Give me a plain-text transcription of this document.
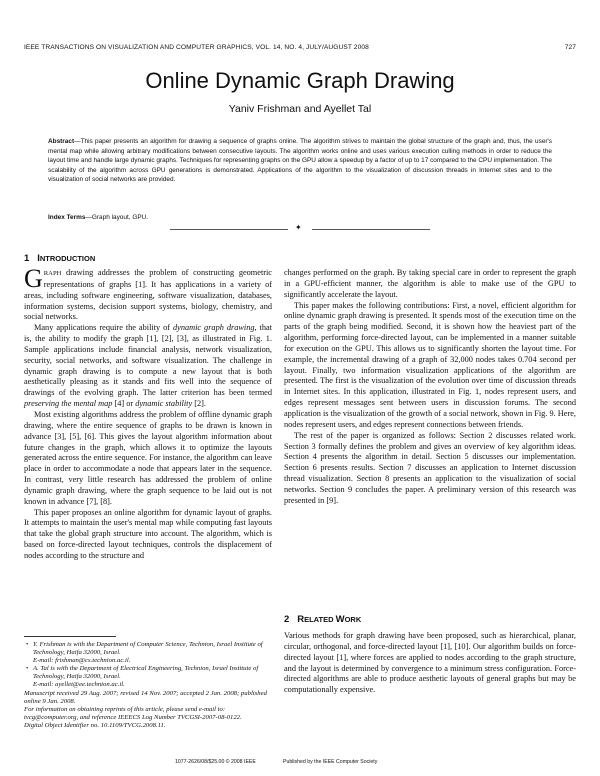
IEEE TRANSACTIONS ON VISUALIZATION AND COMPUTER GRAPHICS, VOL. 14, NO. 4, JULY/AUGUST 2008	727
Online Dynamic Graph Drawing
Yaniv Frishman and Ayellet Tal
Abstract—This paper presents an algorithm for drawing a sequence of graphs online. The algorithm strives to maintain the global structure of the graph and, thus, the user's mental map while allowing arbitrary modifications between consecutive layouts. The algorithm works online and uses various execution culling methods in order to reduce the layout time and handle large dynamic graphs. Techniques for representing graphs on the GPU allow a speedup by a factor of up to 17 compared to the CPU implementation. The scalability of the algorithm across GPU generations is demonstrated. Applications of the algorithm to the visualization of discussion threads in Internet sites and to the visualization of social networks are provided.
Index Terms—Graph layout, GPU.
✦
1 INTRODUCTION

GRAPH drawing addresses the problem of constructing geometric representations of graphs [1]. It has applications in a variety of areas, including software engineering, software visualization, databases, information systems, decision support systems, biology, chemistry, and social networks.

Many applications require the ability of dynamic graph drawing, that is, the ability to modify the graph [1], [2], [3], as illustrated in Fig. 1. Sample applications include financial analysis, network visualization, security, social networks, and software visualization. The challenge in dynamic graph drawing is to compute a new layout that is both aesthetically pleasing as it stands and fits well into the sequence of drawings of the evolving graph. The latter criterion has been termed preserving the mental map [4] or dynamic stability [2].

Most existing algorithms address the problem of offline dynamic graph drawing, where the entire sequence of graphs to be drawn is known in advance [3], [5], [6]. This gives the layout algorithm information about future changes in the graph, which allows it to optimize the layouts generated across the entire sequence. For instance, the algorithm can leave place in order to accommodate a node that appears later in the sequence. In contrast, very little research has addressed the problem of online dynamic graph drawing, where the graph sequence to be laid out is not known in advance [7], [8].

This paper proposes an online algorithm for dynamic layout of graphs. It attempts to maintain the user's mental map while computing fast layouts that take the global graph structure into account. The algorithm, which is based on force-directed layout techniques, controls the displacement of nodes according to the structure and

• Y. Frishman is with the Department of Computer Science, Technion, Israel Institute of Technology, Haifa 32000, Israel.

E-mail: frishman@cs.technion.ac.il.

• A. Tal is with the Department of Electrical Engineering, Technion, Israel Institute of Technology, Haifa 32000, Israel.

E-mail: ayellet@ee.technion.ac.il.

Manuscript received 29 Aug. 2007; revised 14 Nov. 2007; accepted 2 Jan. 2008; published online 9 Jan. 2008.

For information on obtaining reprints of this article, please send e-mail to: tvcg@computer.org, and reference IEEECS Log Number TVCGSI-2007-08-0122.

Digital Object Identifier no. 10.1109/TVCG.2008.11.

changes performed on the graph. By taking special care in order to represent the graph in a GPU-efficient manner, the algorithm is able to make use of the GPU to significantly accelerate the layout.

This paper makes the following contributions: First, a novel, efficient algorithm for online dynamic graph drawing is presented. It spends most of the execution time on the parts of the graph being modified. Second, it is shown how the heaviest part of the algorithm, performing force-directed layout, can be implemented in a manner suitable for execution on the GPU. This allows us to significantly shorten the layout time. For example, the incremental drawing of a graph of 32,000 nodes takes 0.704 second per layout. Finally, two information visualization applications of the algorithm are presented. The first is the visualization of the evolution over time of discussion threads in Internet sites. In this application, illustrated in Fig. 1, nodes represent users, and edges represent messages sent between users in discussion forums. The second application is the visualization of the growth of a social network, shown in Fig. 9. Here, nodes represent users, and edges represent connections between friends.

The rest of the paper is organized as follows: Section 2 discusses related work. Section 3 formally defines the problem and gives an overview of key algorithm ideas. Section 4 presents the algorithm in detail. Section 5 discusses our implementation. Section 6 presents results. Section 7 discusses an application to Internet discussion thread visualization. Section 8 presents an application to the visualization of social networks. Section 9 concludes the paper. A preliminary version of this research was presented in [9].

2 RELATED WORK

Various methods for graph drawing have been proposed, such as hierarchical, planar, circular, orthogonal, and force-directed layout [1], [10]. Our algorithm builds on force-directed layout [1], where forces are applied to nodes according to the graph structure, and the layout is determined by convergence to a minimum stress configuration. Force-directed algorithms are able to produce aesthetic layouts of general graphs but may be computationally expensive.

1077-2626/08/$25.00 © 2008 IEEE	Published by the IEEE Computer Society
